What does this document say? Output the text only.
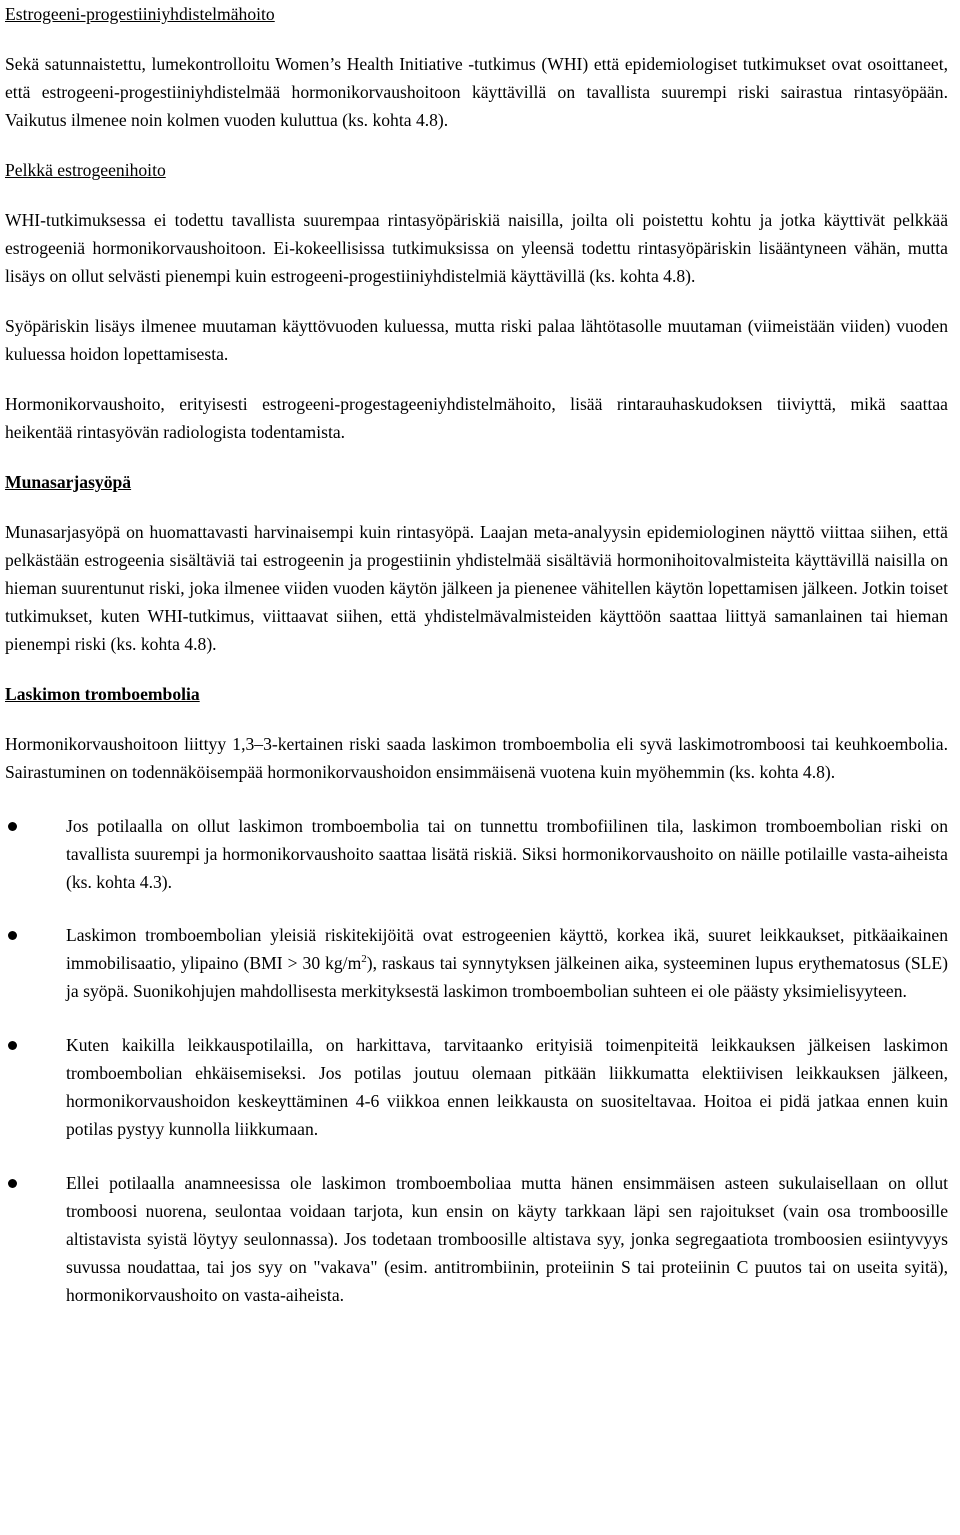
Estrogeeni-progestiiniyhdistelmähoito

Sekä satunnaistettu, lumekontrolloitu Women’s Health Initiative -tutkimus (WHI) että epidemiologiset tutkimukset ovat osoittaneet, että estrogeeni-progestiiniyhdistelmää hormonikorvaushoitoon käyttävillä on tavallista suurempi riski sairastua rintasyöpään. Vaikutus ilmenee noin kolmen vuoden kuluttua (ks. kohta 4.8).

Pelkkä estrogeenihoito

WHI-tutkimuksessa ei todettu tavallista suurempaa rintasyöpäriskiä naisilla, joilta oli poistettu kohtu ja jotka käyttivät pelkkää estrogeeniä hormonikorvaushoitoon. Ei-kokeellisissa tutkimuksissa on yleensä todettu rintasyöpäriskin lisääntyneen vähän, mutta lisäys on ollut selvästi pienempi kuin estrogeeni-progestiiniyhdistelmiä käyttävillä (ks. kohta 4.8).

Syöpäriskin lisäys ilmenee muutaman käyttövuoden kuluessa, mutta riski palaa lähtötasolle muutaman (viimeistään viiden) vuoden kuluessa hoidon lopettamisesta.

Hormonikorvaushoito, erityisesti estrogeeni-progestageeniyhdistelmähoito, lisää rintarauhaskudoksen tiiviyttä, mikä saattaa heikentää rintasyövän radiologista todentamista.

Munasarjasyöpä

Munasarjasyöpä on huomattavasti harvinaisempi kuin rintasyöpä. Laajan meta-analyysin epidemiologinen näyttö viittaa siihen, että pelkästään estrogeenia sisältäviä tai estrogeenin ja progestiinin yhdistelmää sisältäviä hormonihoitovalmisteita käyttävillä naisilla on hieman suurentunut riski, joka ilmenee viiden vuoden käytön jälkeen ja pienenee vähitellen käytön lopettamisen jälkeen. Jotkin toiset tutkimukset, kuten WHI-tutkimus, viittaavat siihen, että yhdistelmävalmisteiden käyttöön saattaa liittyä samanlainen tai hieman pienempi riski (ks. kohta 4.8).

Laskimon tromboembolia

Hormonikorvaushoitoon liittyy 1,3–3-kertainen riski saada laskimon tromboembolia eli syvä laskimotromboosi tai keuhkoembolia. Sairastuminen on todennäköisempää hormonikorvaushoidon ensimmäisenä vuotena kuin myöhemmin (ks. kohta 4.8).

Jos potilaalla on ollut laskimon tromboembolia tai on tunnettu trombofiilinen tila, laskimon tromboembolian riski on tavallista suurempi ja hormonikorvaushoito saattaa lisätä riskiä. Siksi hormonikorvaushoito on näille potilaille vasta-aiheista (ks. kohta 4.3).
Laskimon tromboembolian yleisiä riskitekijöitä ovat estrogeenien käyttö, korkea ikä, suuret leikkaukset, pitkäaikainen immobilisaatio, ylipaino (BMI > 30 $kg/m^2$), raskaus tai synnytyksen jälkeinen aika, systeeminen lupus erythematosus (SLE) ja syöpä. Suonikohjujen mahdollisesta merkityksestä laskimon tromboembolian suhteen ei ole päästy yksimielisyyteen.
Kuten kaikilla leikkauspotilailla, on harkittava, tarvitaanko erityisiä toimenpiteitä leikkauksen jälkeisen laskimon tromboembolian ehkäisemiseksi. Jos potilas joutuu olemaan pitkään liikkumatta elektiivisen leikkauksen jälkeen, hormonikorvaushoidon keskeyttäminen 4-6 viikkoa ennen leikkausta on suositeltavaa. Hoitoa ei pidä jatkaa ennen kuin potilas pystyy kunnolla liikkumaan.
Ellei potilaalla anamneesissa ole laskimon tromboemboliaa mutta hänen ensimmäisen asteen sukulaisellaan on ollut tromboosi nuorena, seulontaa voidaan tarjota, kun ensin on käyty tarkkaan läpi sen rajoitukset (vain osa tromboosille altistavista syistä löytyy seulonnassa). Jos todetaan tromboosille altistava syy, jonka segregaatiota tromboosien esiintyvyys suvussa noudattaa, tai jos syy on "vakava" (esim. antitrombiinin, proteiinin S tai proteiinin C puutos tai on useita syitä), hormonikorvaushoito on vasta-aiheista.
